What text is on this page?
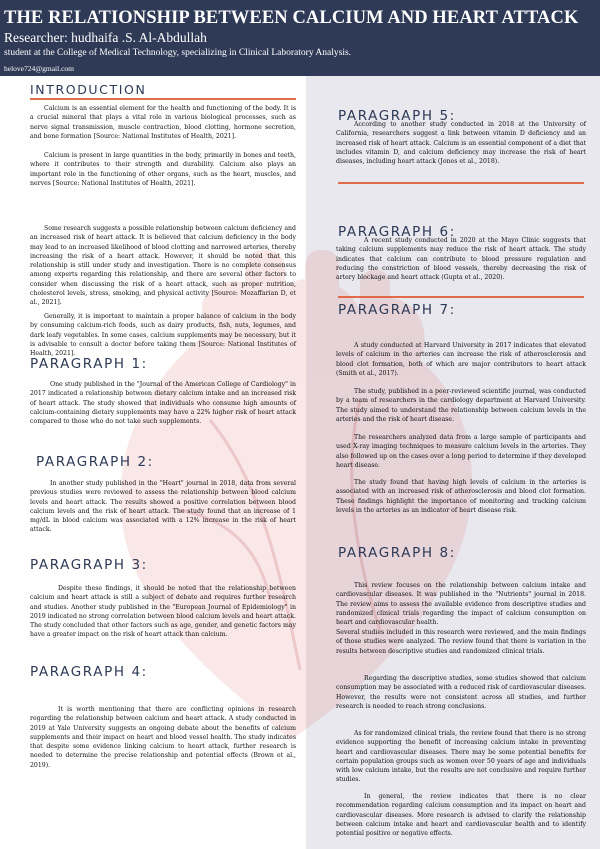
THE RELATIONSHIP BETWEEN CALCIUM AND HEART ATTACK
Researcher: hudhaifa .S. Al-Abdullah
student at the College of Medical Technology, specializing in Clinical Laboratory Analysis.
helove724@gmail.com
INTRODUCTION

Calcium is an essential element for the health and functioning of the body. It is a crucial mineral that plays a vital role in various biological processes, such as nerve signal transmission, muscle contraction, blood clotting, hormone secretion, and bone formation [Source: National Institutes of Health, 2021].

Calcium is present in large quantities in the body, primarily in bones and teeth, where it contributes to their strength and durability. Calcium also plays an important role in the functioning of other organs, such as the heart, muscles, and nerves [Source: National Institutes of Health, 2021].

Some research suggests a possible relationship between calcium deficiency and an increased risk of heart attack. It is believed that calcium deficiency in the body may lead to an increased likelihood of blood clotting and narrowed arteries, thereby increasing the risk of a heart attack. However, it should be noted that this relationship is still under study and investigation. There is no complete consensus among experts regarding this relationship, and there are several other factors to consider when discussing the risk of a heart attack, such as proper nutrition, cholesterol levels, stress, smoking, and physical activity [Source: Mozaffarian D, et al., 2021].

Generally, it is important to maintain a proper balance of calcium in the body by consuming calcium-rich foods, such as dairy products, fish, nuts, legumes, and dark leafy vegetables. In some cases, calcium supplements may be necessary, but it is advisable to consult a doctor before taking them [Source: National Institutes of Health, 2021].

PARAGRAPH 1:

One study published in the "Journal of the American College of Cardiology" in 2017 indicated a relationship between dietary calcium intake and an increased risk of heart attack. The study showed that individuals who consume high amounts of calcium-containing dietary supplements may have a 22% higher risk of heart attack compared to those who do not take such supplements.

PARAGRAPH 2:

In another study published in the "Heart" journal in 2018, data from several previous studies were reviewed to assess the relationship between blood calcium levels and heart attack. The results showed a positive correlation between blood calcium levels and the risk of heart attack. The study found that an increase of 1 mg/dL in blood calcium was associated with a 12% increase in the risk of heart attack.

PARAGRAPH 3:

Despite these findings, it should be noted that the relationship between calcium and heart attack is still a subject of debate and requires further research and studies. Another study published in the "European Journal of Epidemiology" in 2019 indicated no strong correlation between blood calcium levels and heart attack. The study concluded that other factors such as age, gender, and genetic factors may have a greater impact on the risk of heart attack than calcium.

PARAGRAPH 4:

It is worth mentioning that there are conflicting opinions in research regarding the relationship between calcium and heart attack. A study conducted in 2019 at Yale University suggests an ongoing debate about the benefits of calcium supplements and their impact on heart and blood vessel health. The study indicates that despite some evidence linking calcium to heart attack, further research is needed to determine the precise relationship and potential effects (Brown et al., 2019).

PARAGRAPH 5:

According to another study conducted in 2018 at the University of California, researchers suggest a link between vitamin D deficiency and an increased risk of heart attack. Calcium is an essential component of a diet that includes vitamin D, and calcium deficiency may increase the risk of heart diseases, including heart attack (Jones et al., 2018).

PARAGRAPH 6:

A recent study conducted in 2020 at the Mayo Clinic suggests that taking calcium supplements may reduce the risk of heart attack. The study indicates that calcium can contribute to blood pressure regulation and reducing the constriction of blood vessels, thereby decreasing the risk of artery blockage and heart attack (Gupta et al., 2020).

PARAGRAPH 7:

A study conducted at Harvard University in 2017 indicates that elevated levels of calcium in the arteries can increase the risk of atherosclerosis and blood clot formation, both of which are major contributors to heart attack (Smith et al., 2017).

The study, published in a peer-reviewed scientific journal, was conducted by a team of researchers in the cardiology department at Harvard University. The study aimed to understand the relationship between calcium levels in the arteries and the risk of heart disease.

The researchers analyzed data from a large sample of participants and used X-ray imaging techniques to measure calcium levels in the arteries. They also followed up on the cases over a long period to determine if they developed heart disease.

The study found that having high levels of calcium in the arteries is associated with an increased risk of atherosclerosis and blood clot formation. These findings highlight the importance of monitoring and tracking calcium levels in the arteries as an indicator of heart disease risk.

PARAGRAPH 8:

This review focuses on the relationship between calcium intake and cardiovascular diseases. It was published in the "Nutrients" journal in 2018. The review aims to assess the available evidence from descriptive studies and randomized clinical trials regarding the impact of calcium consumption on heart and cardiovascular health.

Several studies included in this research were reviewed, and the main findings of those studies were analyzed. The review found that there is variation in the results between descriptive studies and randomized clinical trials.

Regarding the descriptive studies, some studies showed that calcium consumption may be associated with a reduced risk of cardiovascular diseases. However, the results were not consistent across all studies, and further research is needed to reach strong conclusions.

As for randomized clinical trials, the review found that there is no strong evidence supporting the benefit of increasing calcium intake in preventing heart and cardiovascular diseases. There may be some potential benefits for certain population groups such as women over 50 years of age and individuals with low calcium intake, but the results are not conclusive and require further studies.

In general, the review indicates that there is no clear recommendation regarding calcium consumption and its impact on heart and cardiovascular diseases. More research is advised to clarify the relationship between calcium intake and heart and cardiovascular health and to identify potential positive or negative effects.
